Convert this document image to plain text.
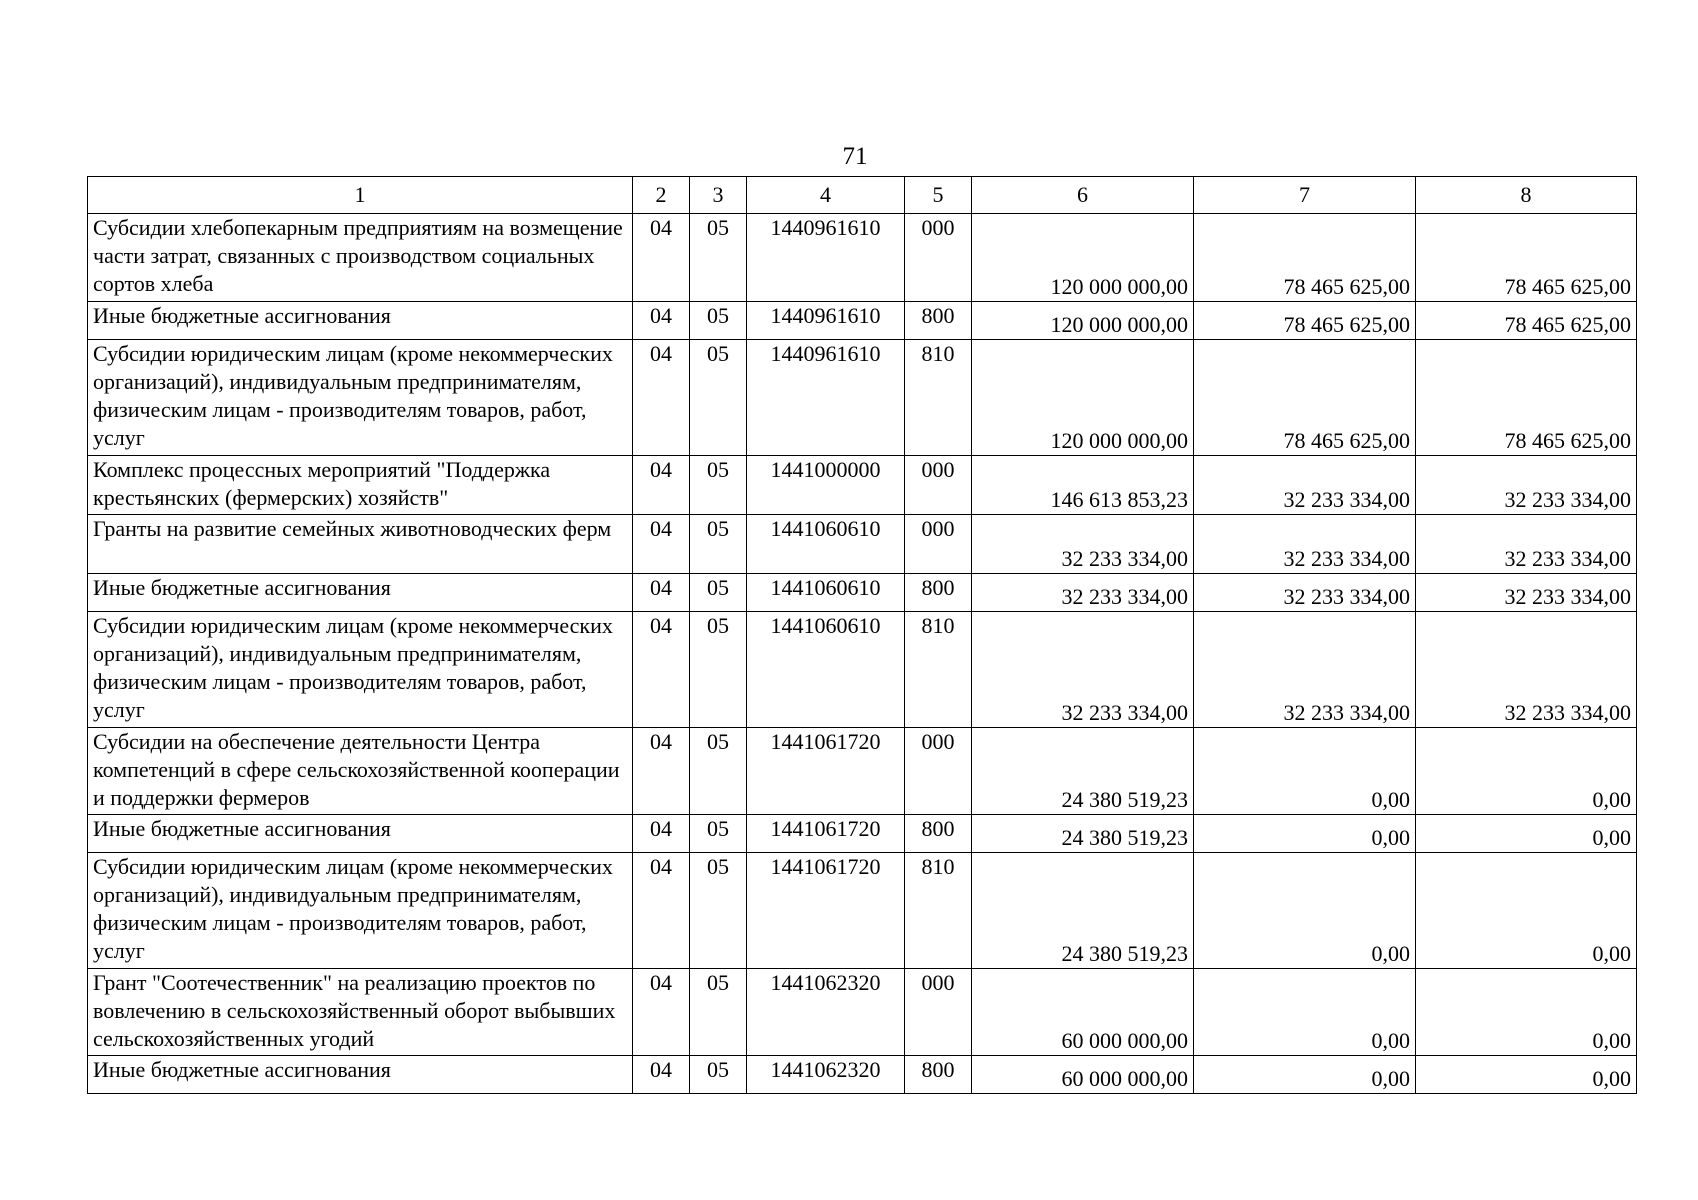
71
1	2	3	4	5	6	7	8
Субсидии хлебопекарным предприятиям на возмещение части затрат, связанных с производством социальных сортов хлеба	04	05	1440961610	000	120 000 000,00	78 465 625,00	78 465 625,00
Иные бюджетные ассигнования	04	05	1440961610	800	120 000 000,00	78 465 625,00	78 465 625,00
Субсидии юридическим лицам (кроме некоммерческих организаций), индивидуальным предпринимателям, физическим лицам - производителям товаров, работ, услуг	04	05	1440961610	810	120 000 000,00	78 465 625,00	78 465 625,00
Комплекс процессных мероприятий "Поддержка крестьянских (фермерских) хозяйств"	04	05	1441000000	000	146 613 853,23	32 233 334,00	32 233 334,00
Гранты на развитие семейных животноводческих ферм	04	05	1441060610	000	32 233 334,00	32 233 334,00	32 233 334,00
Иные бюджетные ассигнования	04	05	1441060610	800	32 233 334,00	32 233 334,00	32 233 334,00
Субсидии юридическим лицам (кроме некоммерческих организаций), индивидуальным предпринимателям, физическим лицам - производителям товаров, работ, услуг	04	05	1441060610	810	32 233 334,00	32 233 334,00	32 233 334,00
Субсидии на обеспечение деятельности Центра компетенций в сфере сельскохозяйственной кооперации и поддержки фермеров	04	05	1441061720	000	24 380 519,23	0,00	0,00
Иные бюджетные ассигнования	04	05	1441061720	800	24 380 519,23	0,00	0,00
Субсидии юридическим лицам (кроме некоммерческих организаций), индивидуальным предпринимателям, физическим лицам - производителям товаров, работ, услуг	04	05	1441061720	810	24 380 519,23	0,00	0,00
Грант "Соотечественник" на реализацию проектов по вовлечению в сельскохозяйственный оборот выбывших сельскохозяйственных угодий	04	05	1441062320	000	60 000 000,00	0,00	0,00
Иные бюджетные ассигнования	04	05	1441062320	800	60 000 000,00	0,00	0,00
